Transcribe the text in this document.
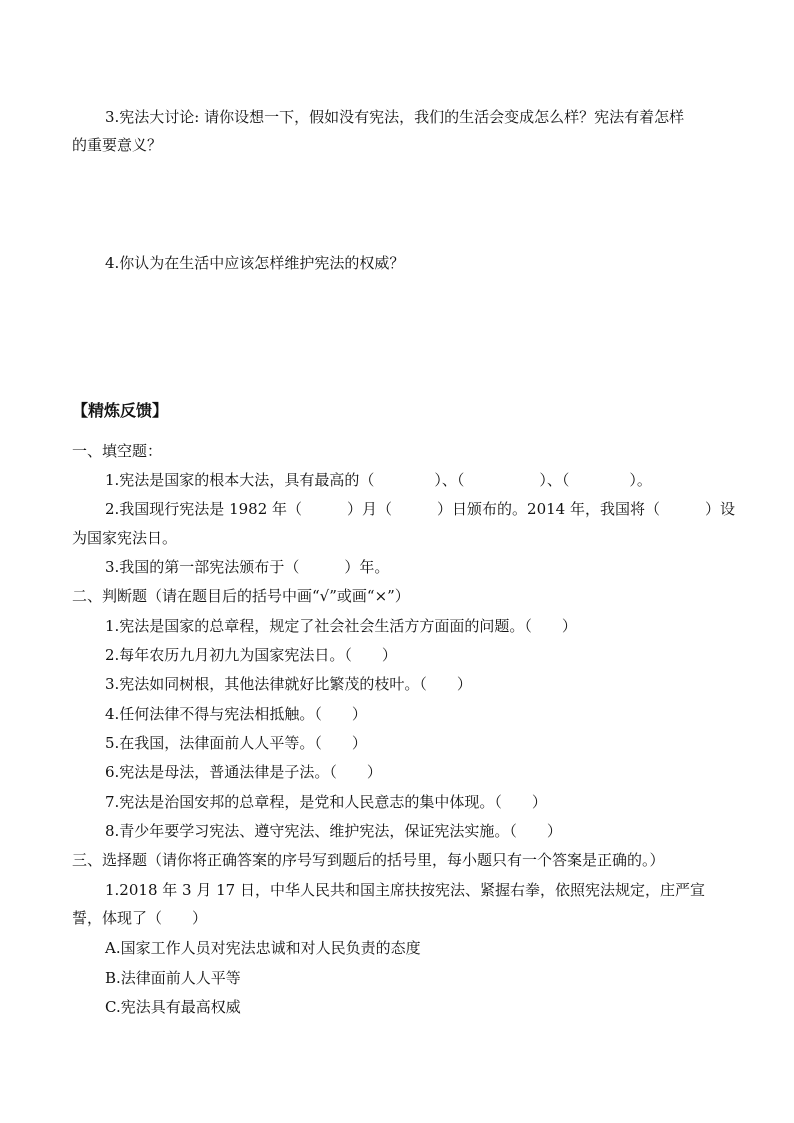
3.宪法大讨论: 请你设想一下，假如没有宪法，我们的生活会变成怎么样？宪法有着怎样
的重要意义？
4.你认为在生活中应该怎样维护宪法的权威？
【精炼反馈】
一、填空题：
1.宪法是国家的根本大法，具有最高的（　　　　）、（　　　　　）、（　　　　）。
2.我国现行宪法是 1982 年（　　　）月（　　　）日颁布的。2014 年，我国将（　　　）设
为国家宪法日。
3.我国的第一部宪法颁布于（　　　）年。
二、判断题（请在题目后的括号中画“√”或画“×”）
1.宪法是国家的总章程，规定了社会社会生活方方面面的问题。（　　）
2.每年农历九月初九为国家宪法日。（　　）
3.宪法如同树根，其他法律就好比繁茂的枝叶。（　　）
4.任何法律不得与宪法相抵触。（　　）
5.在我国，法律面前人人平等。（　　）
6.宪法是母法，普通法律是子法。（　　）
7.宪法是治国安邦的总章程，是党和人民意志的集中体现。（　　）
8.青少年要学习宪法、遵守宪法、维护宪法，保证宪法实施。（　　）
三、选择题（请你将正确答案的序号写到题后的括号里，每小题只有一个答案是正确的。）
1.2018 年 3 月 17 日，中华人民共和国主席扶按宪法、紧握右拳，依照宪法规定，庄严宣
誓，体现了（　　）
A.国家工作人员对宪法忠诚和对人民负责的态度
B.法律面前人人平等
C.宪法具有最高权威
